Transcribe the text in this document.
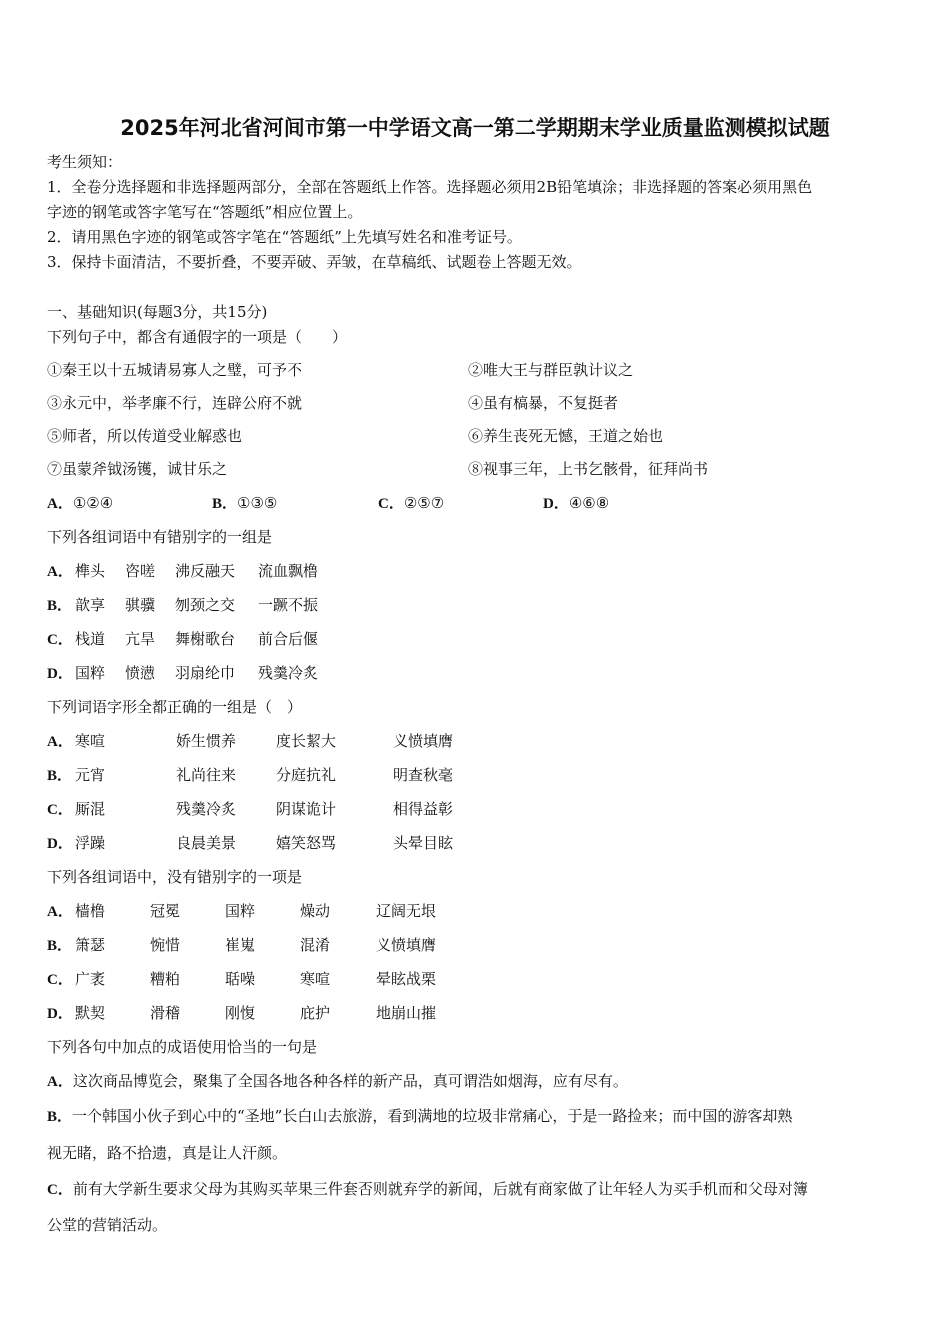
2025年河北省河间市第一中学语文高一第二学期期末学业质量监测模拟试题
考生须知：
1．全卷分选择题和非选择题两部分，全部在答题纸上作答。选择题必须用2B铅笔填涂；非选择题的答案必须用黑色
字迹的钢笔或答字笔写在“答题纸”相应位置上。
2．请用黑色字迹的钢笔或答字笔在“答题纸”上先填写姓名和准考证号。
3．保持卡面清洁，不要折叠，不要弄破、弄皱，在草稿纸、试题卷上答题无效。
一、基础知识(每题3分，共15分)
下列句子中，都含有通假字的一项是（　　）
①秦王以十五城请易寡人之璧，可予不	②唯大王与群臣孰计议之
③永元中，举孝廉不行，连辟公府不就	④虽有槁暴，不复挺者
⑤师者，所以传道受业解惑也	⑥养生丧死无憾，王道之始也
⑦虽蒙斧钺汤镬，诚甘乐之	⑧视事三年，上书乞骸骨，征拜尚书
A．①②④	B．①③⑤	C．②⑤⑦	D．④⑥⑧
下列各组词语中有错别字的一组是
A． 榫头 咨嗟 沸反融天 流血飘橹
B． 歆享 骐骥 刎颈之交 一蹶不振
C． 栈道 亢旱 舞榭歌台 前合后偃
D． 国粹 愤懑 羽扇纶巾 残羹冷炙
下列词语字形全都正确的一组是（　）
A． 寒喧	娇生惯养	度长絜大	义愤填膺
B． 元宵	礼尚往来	分庭抗礼	明查秋毫
C． 厮混	残羹冷炙	阴谋诡计	相得益彰
D． 浮躁	良晨美景	嬉笑怒骂	头晕目眩
下列各组词语中，没有错别字的一项是
A． 樯橹	冠冕	国粹	燥动	辽阔无垠
B． 箫瑟	惋惜	崔嵬	混淆	义愤填膺
C． 广袤	糟粕	聒噪	寒喧	晕眩战栗
D． 默契	滑稽	刚愎	庇护	地崩山摧
下列各句中加点的成语使用恰当的一句是
A．这次商品博览会，聚集了全国各地各种各样的新产品，真可谓浩如烟海，应有尽有。
B．一个韩国小伙子到心中的“圣地”长白山去旅游，看到满地的垃圾非常痛心，于是一路捡来；而中国的游客却熟
视无睹，路不拾遗，真是让人汗颜。
C．前有大学新生要求父母为其购买苹果三件套否则就弃学的新闻，后就有商家做了让年轻人为买手机而和父母对簿
公堂的营销活动。
